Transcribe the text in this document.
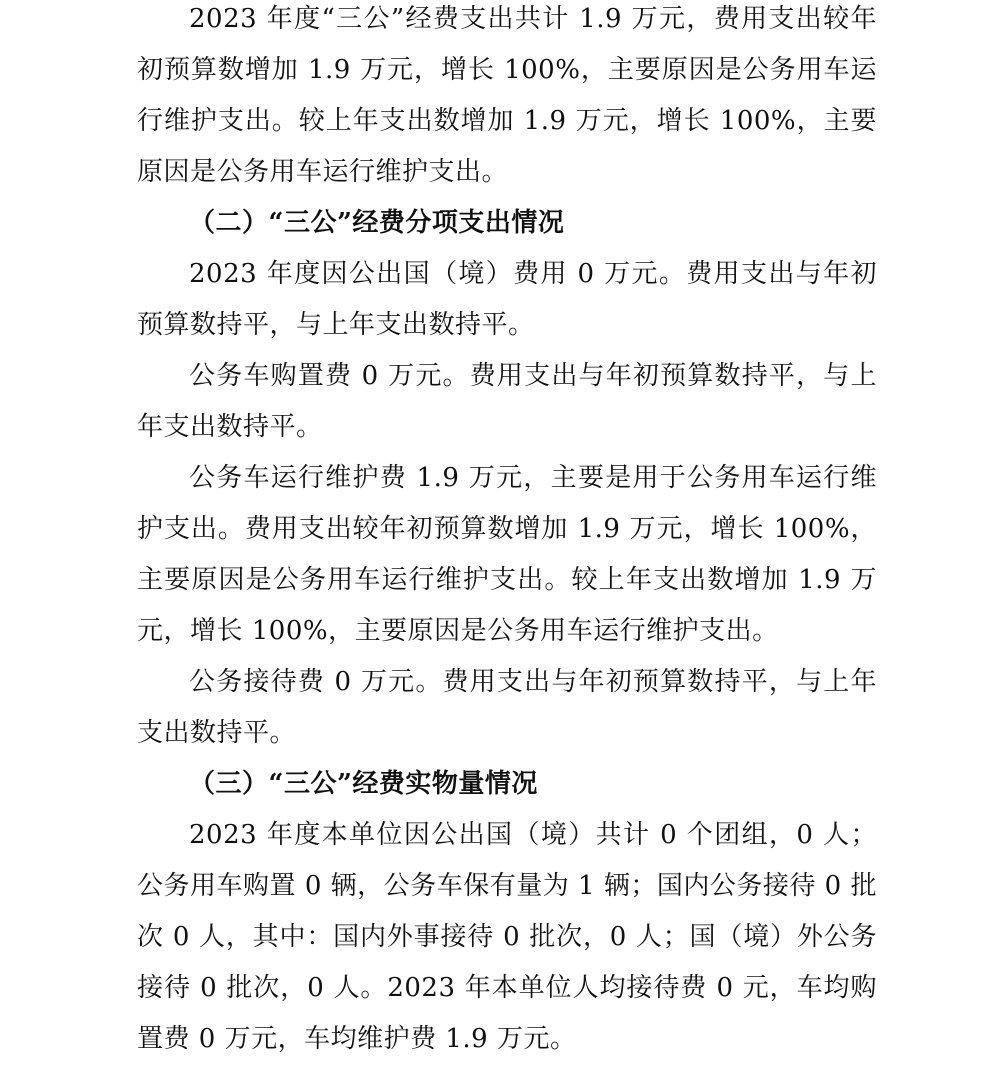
2023 年度“三公”经费支出共计 1.9 万元，费用支出较年初预算数增加 1.9 万元，增长 100%，主要原因是公务用车运行维护支出。较上年支出数增加 1.9 万元，增长 100%，主要原因是公务用车运行维护支出。

（二）“三公”经费分项支出情况

2023 年度因公出国（境）费用 0 万元。费用支出与年初预算数持平，与上年支出数持平。

公务车购置费 0 万元。费用支出与年初预算数持平，与上年支出数持平。

公务车运行维护费 1.9 万元，主要是用于公务用车运行维护支出。费用支出较年初预算数增加 1.9 万元，增长 100%，主要原因是公务用车运行维护支出。较上年支出数增加 1.9 万元，增长 100%，主要原因是公务用车运行维护支出。

公务接待费 0 万元。费用支出与年初预算数持平，与上年支出数持平。

（三）“三公”经费实物量情况

2023 年度本单位因公出国（境）共计 0 个团组，0 人；公务用车购置 0 辆，公务车保有量为 1 辆；国内公务接待 0 批次 0 人，其中：国内外事接待 0 批次，0 人；国（境）外公务接待 0 批次，0 人。2023 年本单位人均接待费 0 元，车均购置费 0 万元，车均维护费 1.9 万元。
